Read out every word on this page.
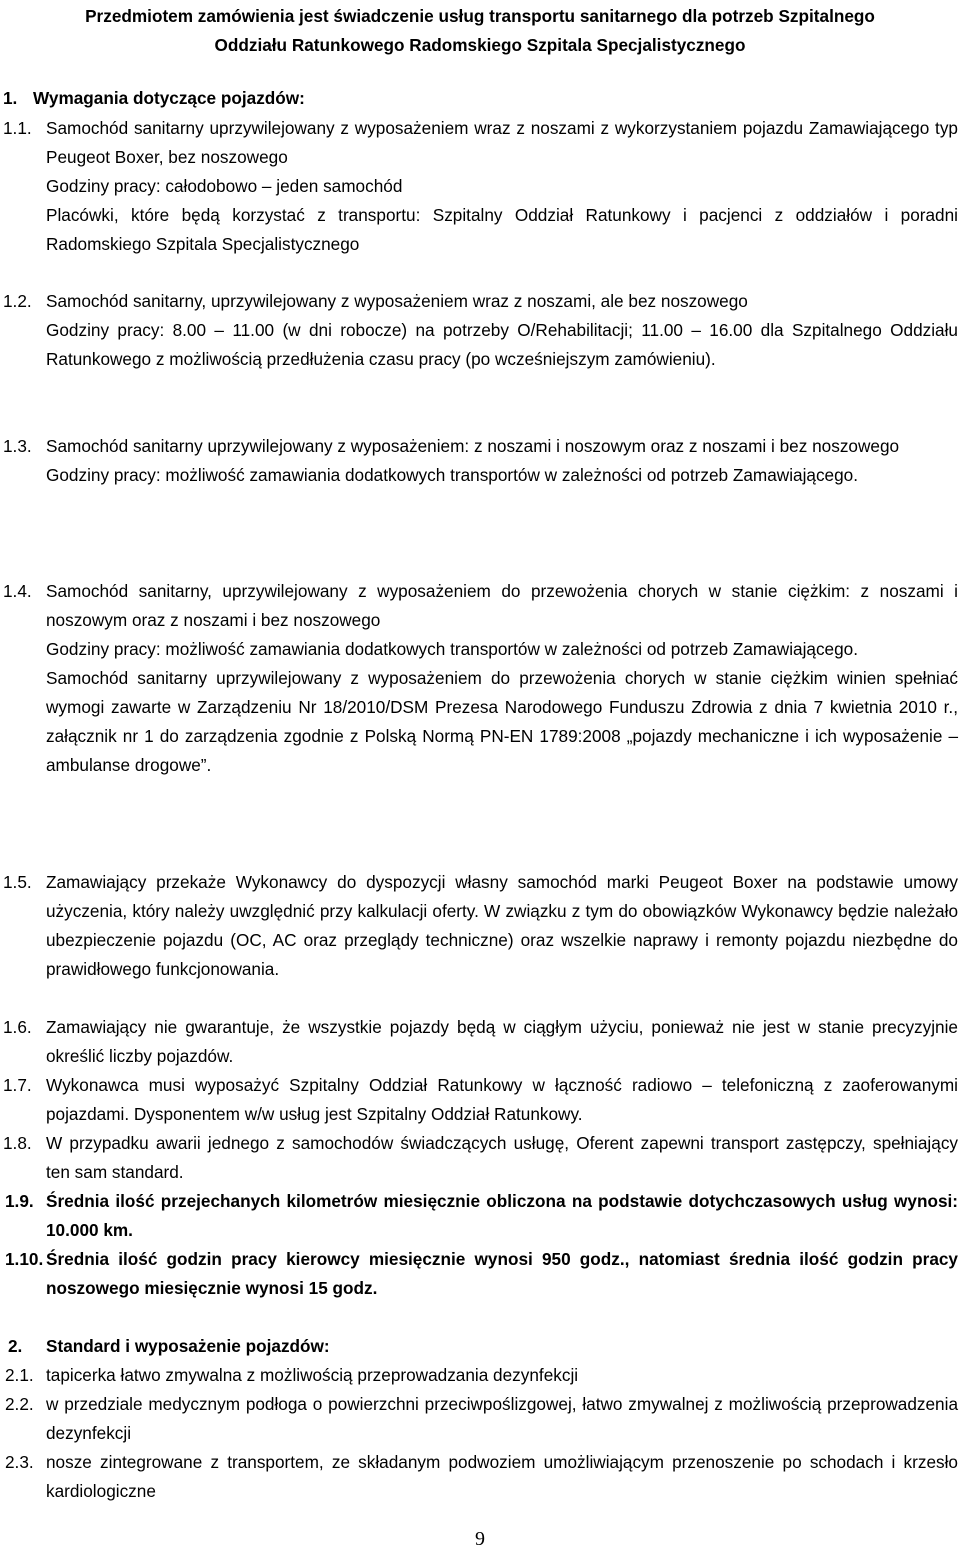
Przedmiotem zamówienia jest świadczenie usług transportu sanitarnego dla potrzeb Szpitalnego
Oddziału Ratunkowego Radomskiego Szpitala Specjalistycznego
1. Wymagania dotyczące pojazdów:
1.1. Samochód sanitarny uprzywilejowany z wyposażeniem wraz z noszami z wykorzystaniem pojazdu Zamawiającego typ Peugeot Boxer, bez noszowego

Godziny pracy: całodobowo – jeden samochód

Placówki, które będą korzystać z transportu: Szpitalny Oddział Ratunkowy i pacjenci z oddziałów i poradni Radomskiego Szpitala Specjalistycznego

1.2. Samochód sanitarny, uprzywilejowany z wyposażeniem wraz z noszami, ale bez noszowego

Godziny pracy: 8.00 – 11.00 (w dni robocze) na potrzeby O/Rehabilitacji; 11.00 – 16.00 dla Szpitalnego Oddziału Ratunkowego z możliwością przedłużenia czasu pracy (po wcześniejszym zamówieniu).

1.3. Samochód sanitarny uprzywilejowany z wyposażeniem: z noszami i noszowym oraz z noszami i bez noszowego

Godziny pracy: możliwość zamawiania dodatkowych transportów w zależności od potrzeb Zamawiającego.

1.4. Samochód sanitarny, uprzywilejowany z wyposażeniem do przewożenia chorych w stanie ciężkim: z noszami i noszowym oraz z noszami i bez noszowego

Godziny pracy: możliwość zamawiania dodatkowych transportów w zależności od potrzeb Zamawiającego.

Samochód sanitarny uprzywilejowany z wyposażeniem do przewożenia chorych w stanie ciężkim winien spełniać wymogi zawarte w Zarządzeniu Nr 18/2010/DSM Prezesa Narodowego Funduszu Zdrowia z dnia 7 kwietnia 2010 r., załącznik nr 1 do zarządzenia zgodnie z Polską Normą PN-EN 1789:2008 „pojazdy mechaniczne i ich wyposażenie – ambulanse drogowe”.

1.5. Zamawiający przekaże Wykonawcy do dyspozycji własny samochód marki Peugeot Boxer na podstawie umowy użyczenia, który należy uwzględnić przy kalkulacji oferty. W związku z tym do obowiązków Wykonawcy będzie należało ubezpieczenie pojazdu (OC, AC oraz przeglądy techniczne) oraz wszelkie naprawy i remonty pojazdu niezbędne do prawidłowego funkcjonowania.

1.6. Zamawiający nie gwarantuje, że wszystkie pojazdy będą w ciągłym użyciu, ponieważ nie jest w stanie precyzyjnie określić liczby pojazdów.

1.7. Wykonawca musi wyposażyć Szpitalny Oddział Ratunkowy w łączność radiowo – telefoniczną z zaoferowanymi pojazdami. Dysponentem w/w usług jest Szpitalny Oddział Ratunkowy.

1.8. W przypadku awarii jednego z samochodów świadczących usługę, Oferent zapewni transport zastępczy, spełniający ten sam standard.

1.9. Średnia ilość przejechanych kilometrów miesięcznie obliczona na podstawie dotychczasowych usług wynosi: 10.000 km.

1.10. Średnia ilość godzin pracy kierowcy miesięcznie wynosi 950 godz., natomiast średnia ilość godzin pracy noszowego miesięcznie wynosi 15 godz.

2. Standard i wyposażenie pojazdów:
2.1. tapicerka łatwo zmywalna z możliwością przeprowadzania dezynfekcji

2.2. w przedziale medycznym podłoga o powierzchni przeciwpoślizgowej, łatwo zmywalnej z możliwością przeprowadzenia dezynfekcji

2.3. nosze zintegrowane z transportem, ze składanym podwoziem umożliwiającym przenoszenie po schodach i krzesło kardiologiczne

9
